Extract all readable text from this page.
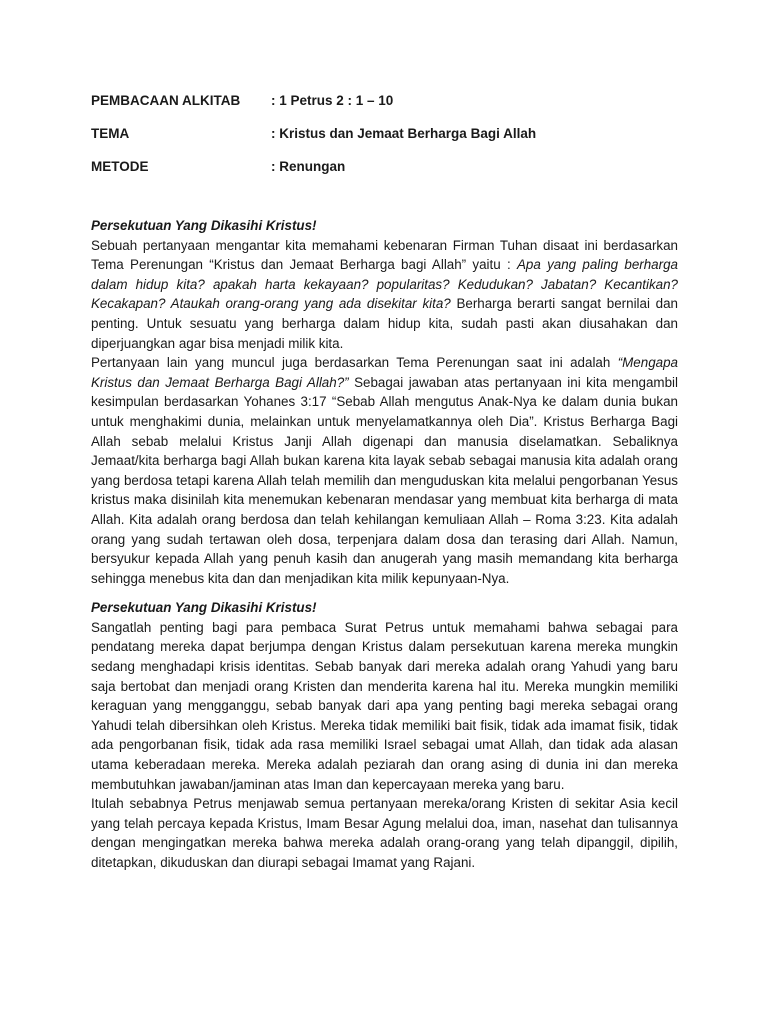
PEMBACAAN ALKITAB	: 1 Petrus 2 : 1 – 10
TEMA	: Kristus dan Jemaat Berharga Bagi Allah
METODE	: Renungan

Persekutuan Yang Dikasihi Kristus!

Sebuah pertanyaan mengantar kita memahami kebenaran Firman Tuhan disaat ini berdasarkan Tema Perenungan “Kristus dan Jemaat Berharga bagi Allah” yaitu : Apa yang paling berharga dalam hidup kita? apakah harta kekayaan? popularitas? Kedudukan? Jabatan? Kecantikan? Kecakapan? Ataukah orang-orang yang ada disekitar kita? Berharga berarti sangat bernilai dan penting. Untuk sesuatu yang berharga dalam hidup kita, sudah pasti akan diusahakan dan diperjuangkan agar bisa menjadi milik kita.

Pertanyaan lain yang muncul juga berdasarkan Tema Perenungan saat ini adalah “Mengapa Kristus dan Jemaat Berharga Bagi Allah?” Sebagai jawaban atas pertanyaan ini kita mengambil kesimpulan berdasarkan Yohanes 3:17 “Sebab Allah mengutus Anak-Nya ke dalam dunia bukan untuk menghakimi dunia, melainkan untuk menyelamatkannya oleh Dia”. Kristus Berharga Bagi Allah sebab melalui Kristus Janji Allah digenapi dan manusia diselamatkan. Sebaliknya Jemaat/kita berharga bagi Allah bukan karena kita layak sebab sebagai manusia kita adalah orang yang berdosa tetapi karena Allah telah memilih dan menguduskan kita melalui pengorbanan Yesus kristus maka disinilah kita menemukan kebenaran mendasar yang membuat kita berharga di mata Allah. Kita adalah orang berdosa dan telah kehilangan kemuliaan Allah – Roma 3:23. Kita adalah orang yang sudah tertawan oleh dosa, terpenjara dalam dosa dan terasing dari Allah. Namun, bersyukur kepada Allah yang penuh kasih dan anugerah yang masih memandang kita berharga sehingga menebus kita dan dan menjadikan kita milik kepunyaan-Nya.

Persekutuan Yang Dikasihi Kristus!

Sangatlah penting bagi para pembaca Surat Petrus untuk memahami bahwa sebagai para pendatang mereka dapat berjumpa dengan Kristus dalam persekutuan karena mereka mungkin sedang menghadapi krisis identitas. Sebab banyak dari mereka adalah orang Yahudi yang baru saja bertobat dan menjadi orang Kristen dan menderita karena hal itu. Mereka mungkin memiliki keraguan yang mengganggu, sebab banyak dari apa yang penting bagi mereka sebagai orang Yahudi telah dibersihkan oleh Kristus. Mereka tidak memiliki bait fisik, tidak ada imamat fisik, tidak ada pengorbanan fisik, tidak ada rasa memiliki Israel sebagai umat Allah, dan tidak ada alasan utama keberadaan mereka. Mereka adalah peziarah dan orang asing di dunia ini dan mereka membutuhkan jawaban/jaminan atas Iman dan kepercayaan mereka yang baru.

Itulah sebabnya Petrus menjawab semua pertanyaan mereka/orang Kristen di sekitar Asia kecil yang telah percaya kepada Kristus, Imam Besar Agung melalui doa, iman, nasehat dan tulisannya dengan mengingatkan mereka bahwa mereka adalah orang-orang yang telah dipanggil, dipilih, ditetapkan, dikuduskan dan diurapi sebagai Imamat yang Rajani.
